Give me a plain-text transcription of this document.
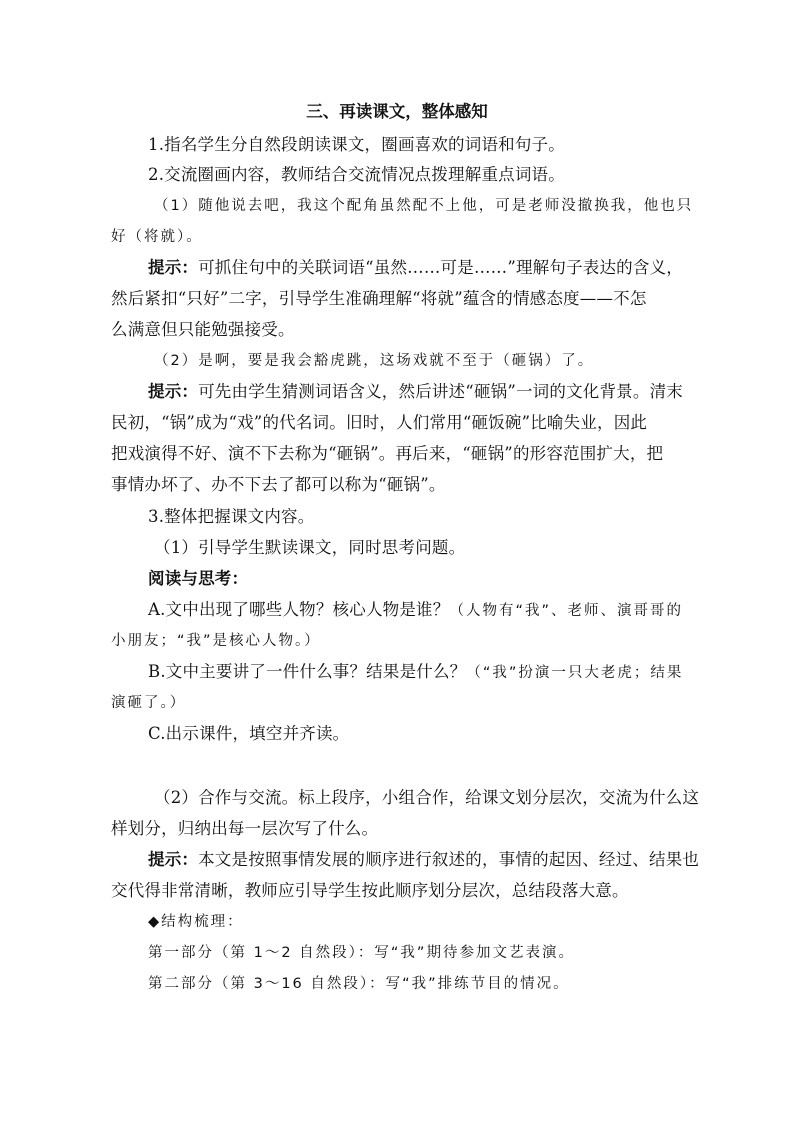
三、再读课文，整体感知
1.指名学生分自然段朗读课文，圈画喜欢的词语和句子。
2.交流圈画内容，教师结合交流情况点拨理解重点词语。
（1）随他说去吧，我这个配角虽然配不上他，可是老师没撤换我，他也只
好（将就）。
提示：可抓住句中的关联词语“虽然……可是……”理解句子表达的含义，
然后紧扣“只好”二字，引导学生准确理解“将就”蕴含的情感态度——不怎
么满意但只能勉强接受。
（2）是啊，要是我会豁虎跳，这场戏就不至于（砸锅）了。
提示：可先由学生猜测词语含义，然后讲述“砸锅”一词的文化背景。清末
民初，“锅”成为“戏”的代名词。旧时，人们常用“砸饭碗”比喻失业，因此
把戏演得不好、演不下去称为“砸锅”。再后来，“砸锅”的形容范围扩大，把
事情办坏了、办不下去了都可以称为“砸锅”。
3.整体把握课文内容。
（1）引导学生默读课文，同时思考问题。
阅读与思考：
A.文中出现了哪些人物？核心人物是谁？（人物有“我”、老师、演哥哥的
小朋友；“我”是核心人物。）
B.文中主要讲了一件什么事？结果是什么？（“我”扮演一只大老虎；结果
演砸了。）
C.出示课件，填空并齐读。
（2）合作与交流。标上段序，小组合作，给课文划分层次，交流为什么这
样划分，归纳出每一层次写了什么。
提示：本文是按照事情发展的顺序进行叙述的，事情的起因、经过、结果也
交代得非常清晰，教师应引导学生按此顺序划分层次，总结段落大意。
◆结构梳理：
第一部分（第 1～2 自然段）：写“我”期待参加文艺表演。
第二部分（第 3～16 自然段）：写“我”排练节目的情况。
